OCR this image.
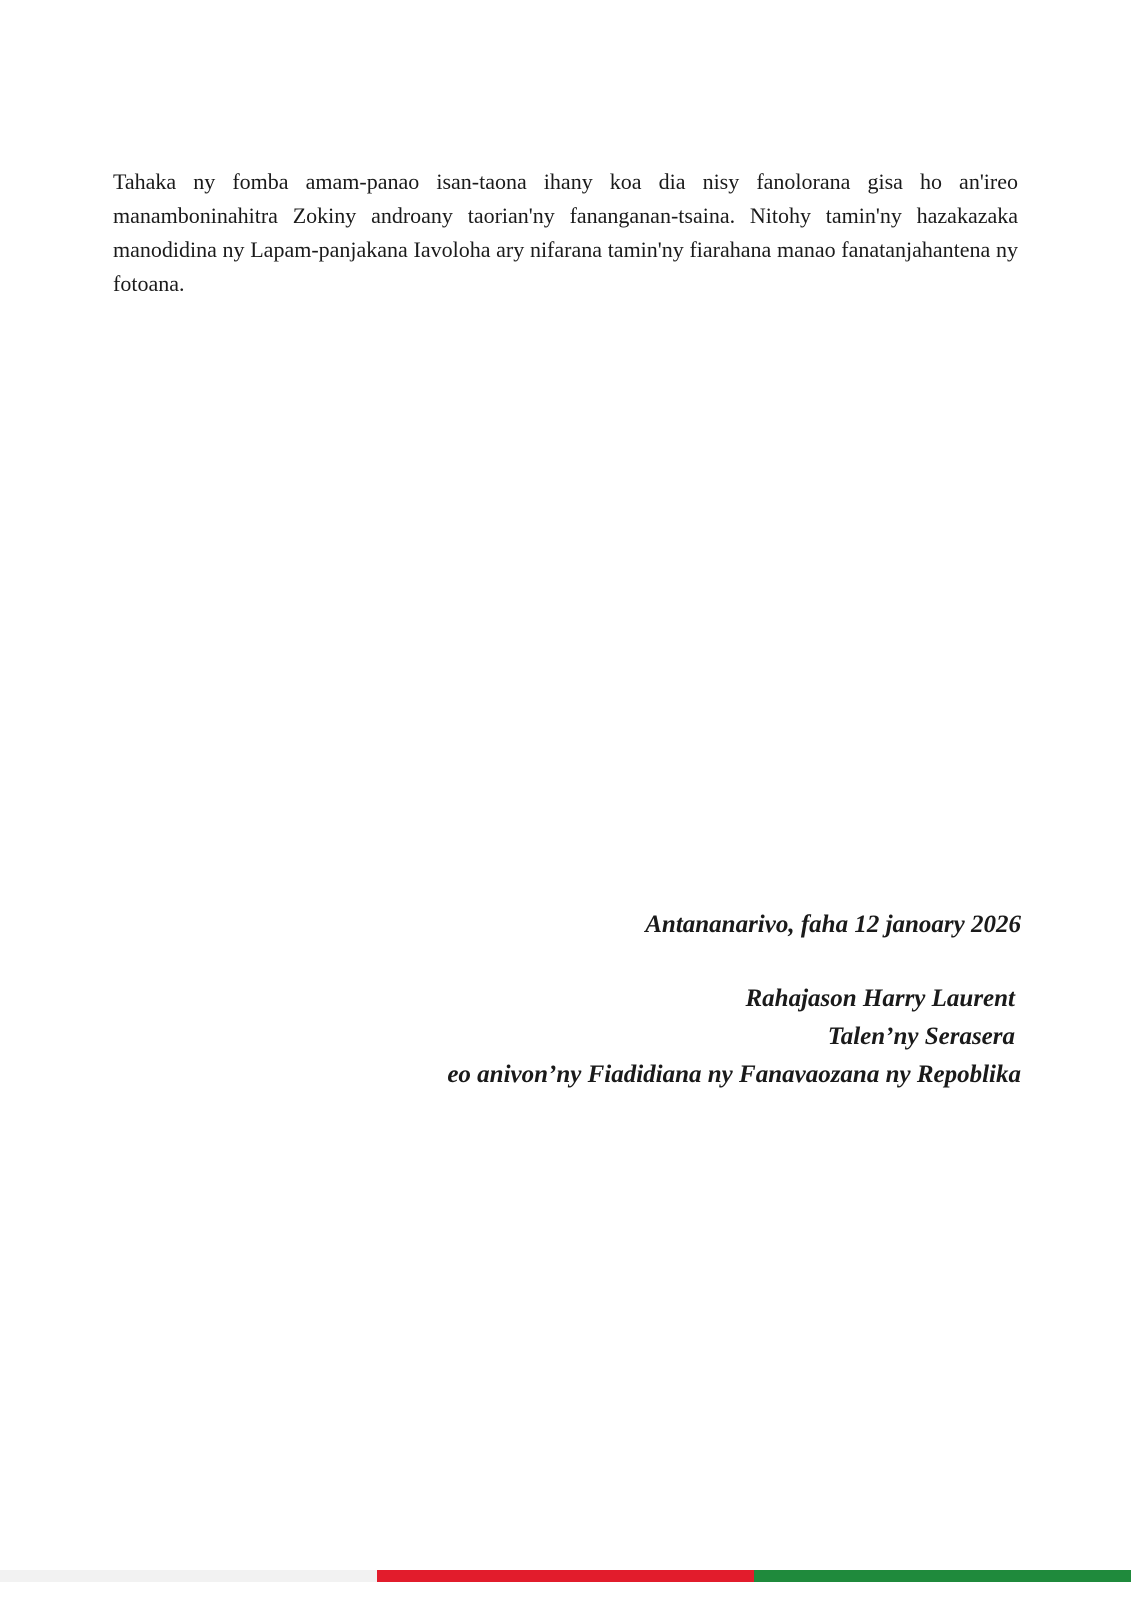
Tahaka ny fomba amam-panao isan-taona ihany koa dia nisy fanolorana gisa ho an'ireo manamboninahitra Zokiny androany taorian'ny fananganan-tsaina. Nitohy tamin'ny hazakazaka manodidina ny Lapam-panjakana Iavoloha ary nifarana tamin'ny fiarahana manao fanatanjahantena ny fotoana.

Antananarivo, faha 12 janoary 2026

Rahajason Harry Laurent

Talen’ny Serasera

eo anivon’ny Fiadidiana ny Fanavaozana ny Repoblika
